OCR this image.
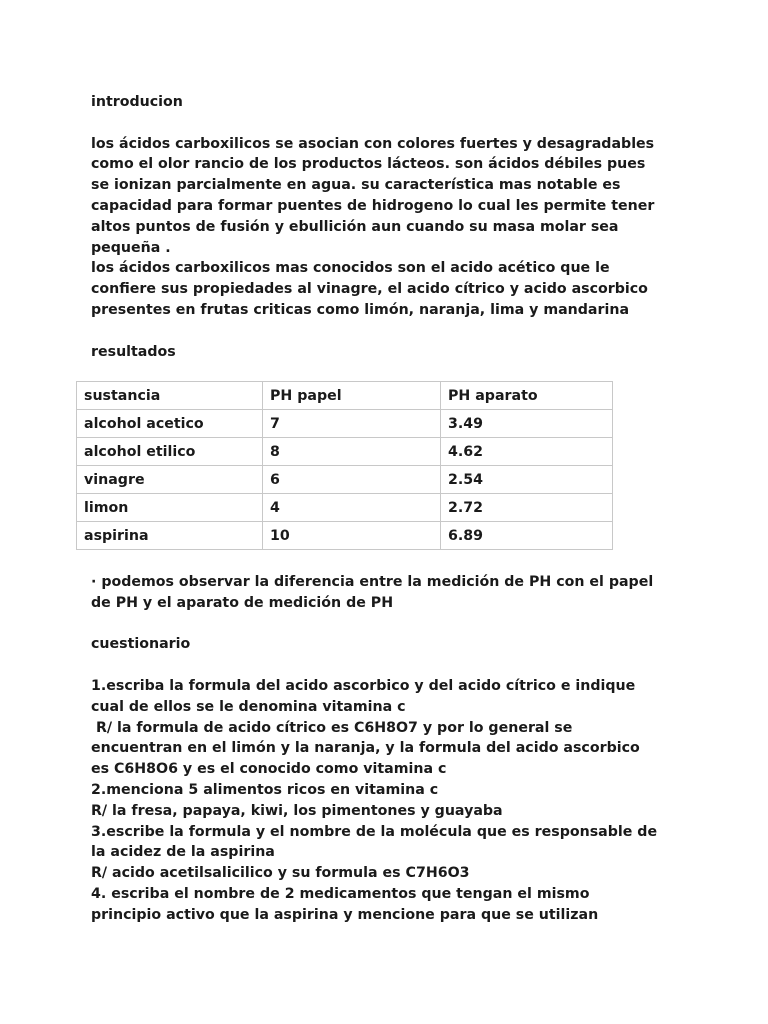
introducion

los ácidos carboxilicos se asocian con colores fuertes y desagradables

como el olor rancio de los productos lácteos. son ácidos débiles pues

se ionizan parcialmente en agua. su característica mas notable es

capacidad para formar puentes de hidrogeno lo cual les permite tener

altos puntos de fusión y ebullición aun cuando su masa molar sea

pequeña .

los ácidos carboxilicos mas conocidos son el acido acético que le

confiere sus propiedades al vinagre, el acido cítrico y acido ascorbico

presentes en frutas criticas como limón, naranja, lima y mandarina

resultados

sustancia	PH papel	PH aparato
alcohol acetico	7	3.49
alcohol etilico	8	4.62
vinagre	6	2.54
limon	4	2.72
aspirina	10	6.89

· podemos observar la diferencia entre la medición de PH con el papel

de PH y el aparato de medición de PH

cuestionario

1.escriba la formula del acido ascorbico y del acido cítrico e indique

cual de ellos se le denomina vitamina c

R/ la formula de acido cítrico es C6H8O7 y por lo general se

encuentran en el limón y la naranja, y la formula del acido ascorbico

es C6H8O6 y es el conocido como vitamina c

2.menciona 5 alimentos ricos en vitamina c

R/ la fresa, papaya, kiwi, los pimentones y guayaba

3.escribe la formula y el nombre de la molécula que es responsable de

la acidez de la aspirina

R/ acido acetilsalicilico y su formula es C7H6O3

4. escriba el nombre de 2 medicamentos que tengan el mismo

principio activo que la aspirina y mencione para que se utilizan
